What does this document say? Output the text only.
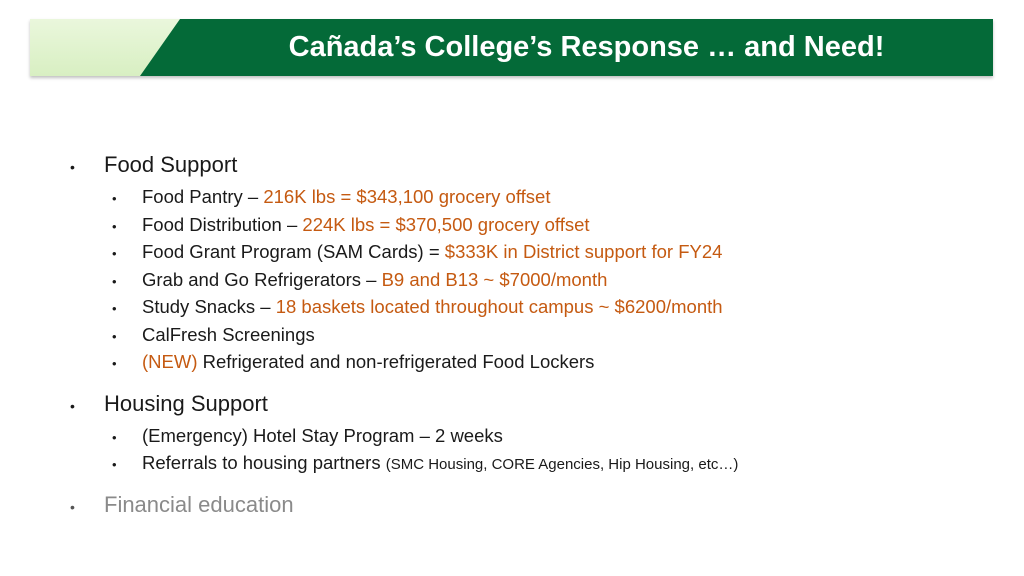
Cañada’s College’s Response … and Need!
•	Food Support
•	Food Pantry – 216K lbs = $343,100 grocery offset
•	Food Distribution – 224K lbs = $370,500 grocery offset
•	Food Grant Program (SAM Cards) = $333K in District support for FY24
•	Grab and Go Refrigerators – B9 and B13 ~ $7000/month
•	Study Snacks – 18 baskets located throughout campus ~ $6200/month
•	CalFresh Screenings
•	(NEW) Refrigerated and non-refrigerated Food Lockers
•	Housing Support
•	(Emergency) Hotel Stay Program – 2 weeks
•	Referrals to housing partners (SMC Housing, CORE Agencies, Hip Housing, etc…)
•	Financial education
